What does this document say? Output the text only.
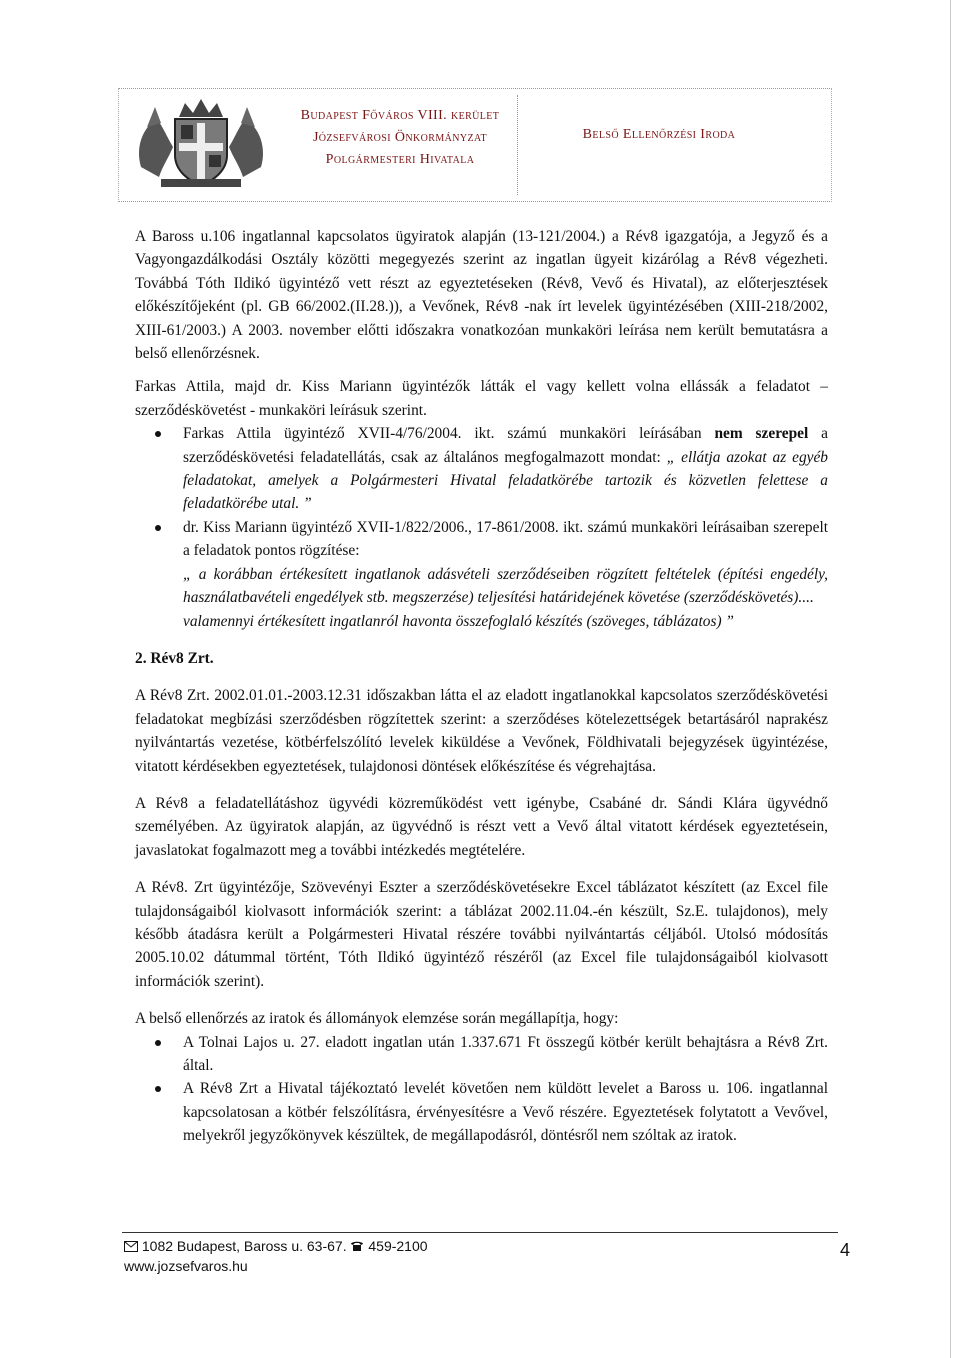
Budapest Főváros VIII. kerület
Józsefvárosi Önkormányzat
Polgármesteri Hivatala
Belső Ellenőrzési Iroda

A Baross u.106 ingatlannal kapcsolatos ügyiratok alapján (13-121/2004.) a Rév8 igazgatója, a Jegyző és a Vagyongazdálkodási Osztály közötti megegyezés szerint az ingatlan ügyeit kizárólag a Rév8 végezheti. Továbbá Tóth Ildikó ügyintéző vett részt az egyeztetéseken (Rév8, Vevő és Hivatal), az előterjesztések előkészítőjeként (pl. GB 66/2002.(II.28.)), a Vevőnek, Rév8 -nak írt levelek ügyintézésében (XIII-218/2002, XIII-61/2003.) A 2003. november előtti időszakra vonatkozóan munkaköri leírása nem került bemutatásra a belső ellenőrzésnek.

Farkas Attila, majd dr. Kiss Mariann ügyintézők látták el vagy kellett volna ellássák a feladatot – szerződéskövetést - munkaköri leírásuk szerint.

Farkas Attila ügyintéző XVII-4/76/2004. ikt. számú munkaköri leírásában nem szerepel a szerződéskövetési feladatellátás, csak az általános megfogalmazott mondat: „ ellátja azokat az egyéb feladatokat, amelyek a Polgármesteri Hivatal feladatkörébe tartozik és közvetlen felettese a feladatkörébe utal. ”
dr. Kiss Mariann ügyintéző XVII-1/822/2006., 17-861/2008. ikt. számú munkaköri leírásaiban szerepelt a feladatok pontos rögzítése:
„ a korábban értékesített ingatlanok adásvételi szerződéseiben rögzített feltételek (építési engedély, használatbavételi engedélyek stb. megszerzése) teljesítési határidejének követése (szerződéskövetés)....
valamennyi értékesített ingatlanról havonta összefoglaló készítés (szöveges, táblázatos) ”

2. Rév8 Zrt.

A Rév8 Zrt. 2002.01.01.-2003.12.31 időszakban látta el az eladott ingatlanokkal kapcsolatos szerződéskövetési feladatokat megbízási szerződésben rögzítettek szerint: a szerződéses kötelezettségek betartásáról naprakész nyilvántartás vezetése, kötbérfelszólító levelek kiküldése a Vevőnek, Földhivatali bejegyzések ügyintézése, vitatott kérdésekben egyeztetések, tulajdonosi döntések előkészítése és végrehajtása.

A Rév8 a feladatellátáshoz ügyvédi közreműködést vett igénybe, Csabáné dr. Sándi Klára ügyvédnő személyében. Az ügyiratok alapján, az ügyvédnő is részt vett a Vevő által vitatott kérdések egyeztetésein, javaslatokat fogalmazott meg a további intézkedés megtételére.

A Rév8. Zrt ügyintézője, Szövevényi Eszter a szerződéskövetésekre Excel táblázatot készített (az Excel file tulajdonságaiból kiolvasott információk szerint: a táblázat 2002.11.04.-én készült, Sz.E. tulajdonos), mely később átadásra került a Polgármesteri Hivatal részére további nyilvántartás céljából. Utolsó módosítás 2005.10.02 dátummal történt, Tóth Ildikó ügyintéző részéről (az Excel file tulajdonságaiból kiolvasott információk szerint).

A belső ellenőrzés az iratok és állományok elemzése során megállapítja, hogy:

A Tolnai Lajos u. 27. eladott ingatlan után 1.337.671 Ft összegű kötbér került behajtásra a Rév8 Zrt. által.
A Rév8 Zrt a Hivatal tájékoztató levelét követően nem küldött levelet a Baross u. 106. ingatlannal kapcsolatosan a kötbér felszólításra, érvényesítésre a Vevő részére. Egyeztetések folytatott a Vevővel, melyekről jegyzőkönyvek készültek, de megállapodásról, döntésről nem szóltak az iratok.
1082 Budapest, Baross u. 63-67. 459-2100
www.jozsefvaros.hu
4
